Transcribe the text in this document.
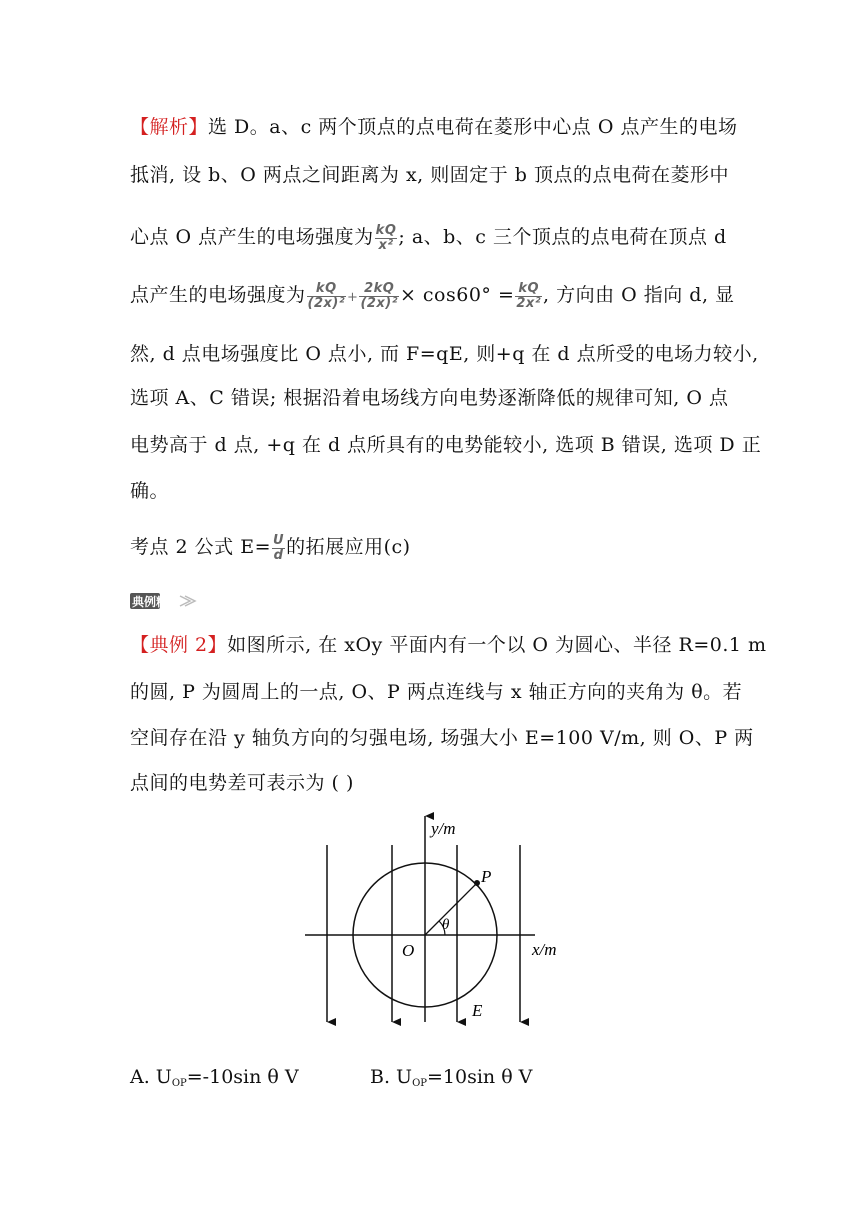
【解析】选 D。a、c 两个顶点的点电荷在菱形中心点 O 点产生的电场
抵消, 设 b、O 两点之间距离为 x, 则固定于 b 顶点的点电荷在菱形中
心点 O 点产生的电场强度为 $\frac{kQ}{\text{x²}}$ ; a、b、c 三个顶点的点电荷在顶点 d
点产生的电场强度为 $\frac{kQ}{\text{(2x)²}} + \frac{2kQ}{\text{(2x)²}} \times \cos 60^\circ = \frac{kQ}{\text{2x²}}$ , 方向由 O 指向 d, 显
然, d 点电场强度比 O 点小, 而 F=qE, 则+q 在 d 点所受的电场力较小,
选项 A、C 错误; 根据沿着电场线方向电势逐渐降低的规律可知, O 点
电势高于 d 点, +q 在 d 点所具有的电势能较小, 选项 B 错误, 选项 D 正
确。
考点 2 公式 $E= \frac{U}{d}$ 的拓展应用(c)
典例精研
【典例 2】如图所示, 在 xOy 平面内有一个以 O 为圆心、半径 R=0.1 m
的圆, P 为圆周上的一点, O、P 两点连线与 x 轴正方向的夹角为 θ。若
空间存在沿 y 轴负方向的匀强电场, 场强大小 E=100 V/m, 则 O、P 两
点间的电势差可表示为 ( )
y/m
x/m
O
P
θ
E
A. $U_{OP}=-10\sin$ θ V	B. $U_{OP}=10\sin$ θ V
